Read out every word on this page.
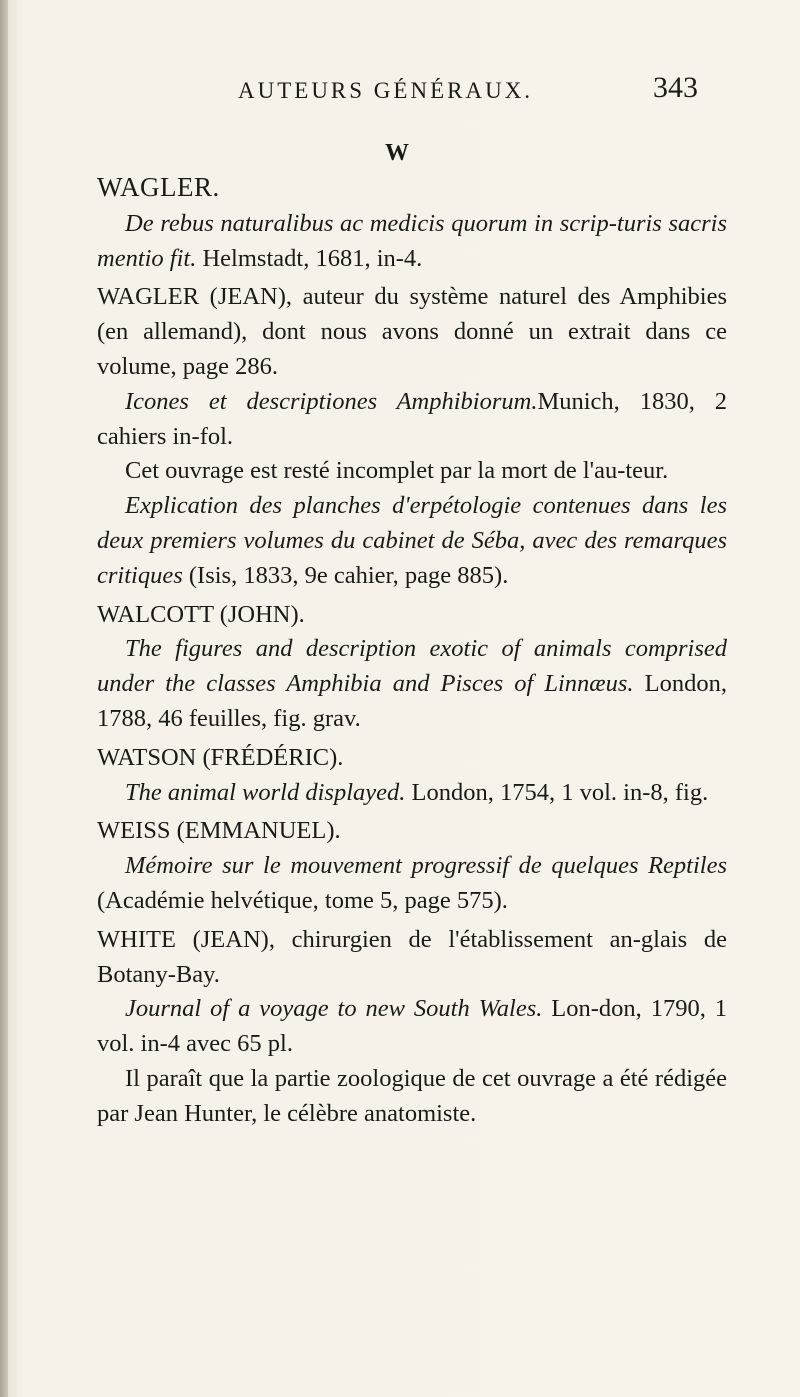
AUTEURS GÉNÉRAUX.	343
W

WAGLER.

De rebus naturalibus ac medicis quorum in scrip-turis sacris mentio fit. Helmstadt, 1681, in-4.

WAGLER (JEAN), auteur du système naturel des Amphibies (en allemand), dont nous avons donné un extrait dans ce volume, page 286.

Icones et descriptiones Amphibiorum.Munich, 1830, 2 cahiers in-fol.

Cet ouvrage est resté incomplet par la mort de l'au-teur.

Explication des planches d'erpétologie contenues dans les deux premiers volumes du cabinet de Séba, avec des remarques critiques (Isis, 1833, 9e cahier, page 885).

WALCOTT (JOHN).

The figures and description exotic of animals comprised under the classes Amphibia and Pisces of Linnæus. London, 1788, 46 feuilles, fig. grav.

WATSON (FRÉDÉRIC).

The animal world displayed. London, 1754, 1 vol. in-8, fig.

WEISS (EMMANUEL).

Mémoire sur le mouvement progressif de quelques Reptiles (Académie helvétique, tome 5, page 575).

WHITE (JEAN), chirurgien de l'établissement an-glais de Botany-Bay.

Journal of a voyage to new South Wales. Lon-don, 1790, 1 vol. in-4 avec 65 pl.

Il paraît que la partie zoologique de cet ouvrage a été rédigée par Jean Hunter, le célèbre anatomiste.
